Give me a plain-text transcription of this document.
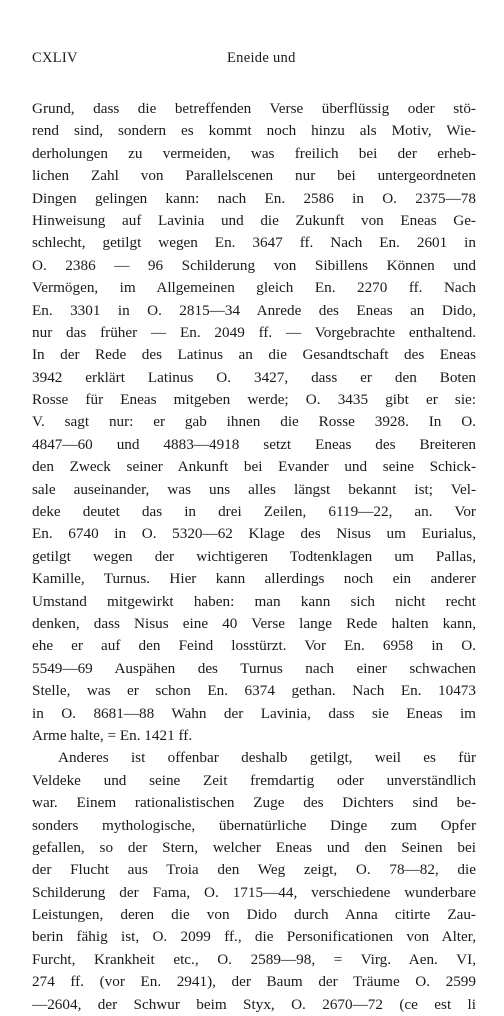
CXLIV	Eneide und
Grund, dass die betreffenden Verse überflüssig oder stö-
rend sind, sondern es kommt noch hinzu als Motiv, Wie-
derholungen zu vermeiden, was freilich bei der erheb-
lichen Zahl von Parallelscenen nur bei untergeordneten
Dingen gelingen kann: nach En. 2586 in O. 2375—78
Hinweisung auf Lavinia und die Zukunft von Eneas Ge-
schlecht, getilgt wegen En. 3647 ff. Nach En. 2601 in
O. 2386 — 96 Schilderung von Sibillens Können und
Vermögen, im Allgemeinen gleich En. 2270 ff. Nach
En. 3301 in O. 2815—34 Anrede des Eneas an Dido,
nur das früher — En. 2049 ff. — Vorgebrachte enthaltend.
In der Rede des Latinus an die Gesandtschaft des Eneas
3942 erklärt Latinus O. 3427, dass er den Boten
Rosse für Eneas mitgeben werde; O. 3435 gibt er sie:
V. sagt nur: er gab ihnen die Rosse 3928. In O.
4847—60 und 4883—4918 setzt Eneas des Breiteren
den Zweck seiner Ankunft bei Evander und seine Schick-
sale auseinander, was uns alles längst bekannt ist; Vel-
deke deutet das in drei Zeilen, 6119—22, an. Vor
En. 6740 in O. 5320—62 Klage des Nisus um Eurialus,
getilgt wegen der wichtigeren Todtenklagen um Pallas,
Kamille, Turnus. Hier kann allerdings noch ein anderer
Umstand mitgewirkt haben: man kann sich nicht recht
denken, dass Nisus eine 40 Verse lange Rede halten kann,
ehe er auf den Feind losstürzt. Vor En. 6958 in O.
5549—69 Auspähen des Turnus nach einer schwachen
Stelle, was er schon En. 6374 gethan. Nach En. 10473
in O. 8681—88 Wahn der Lavinia, dass sie Eneas im
Arme halte, = En. 1421 ff.
Anderes ist offenbar deshalb getilgt, weil es für
Veldeke und seine Zeit fremdartig oder unverständlich
war. Einem rationalistischen Zuge des Dichters sind be-
sonders mythologische, übernatürliche Dinge zum Opfer
gefallen, so der Stern, welcher Eneas und den Seinen bei
der Flucht aus Troia den Weg zeigt, O. 78—82, die
Schilderung der Fama, O. 1715—44, verschiedene wunderbare
Leistungen, deren die von Dido durch Anna citirte Zau-
berin fähig ist, O. 2099 ff., die Personificationen von Alter,
Furcht, Krankheit etc., O. 2589—98, = Virg. Aen. VI,
274 ff. (vor En. 2941), der Baum der Träume O. 2599
—2604, der Schwur beim Styx, O. 2670—72 (ce est li
